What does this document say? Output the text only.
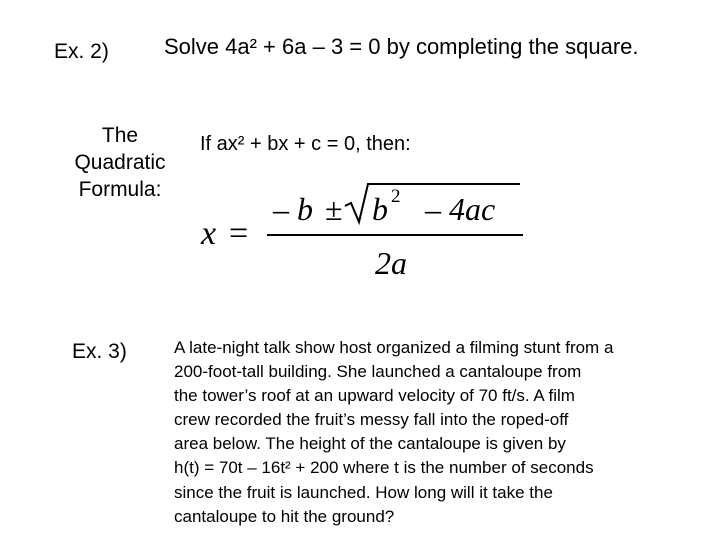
Ex. 2)	Solve 4a² + 6a – 3 = 0 by completing the square.
The
Quadratic
Formula:
If ax² + bx + c = 0, then:
x =
– b ± b 2 – 4ac
2a
Ex. 3)	A late-night talk show host organized a filming stunt from a
200-foot-tall building. She launched a cantaloupe from
the tower’s roof at an upward velocity of 70 ft/s. A film
crew recorded the fruit’s messy fall into the roped-off
area below. The height of the cantaloupe is given by
h(t) = 70t – 16t² + 200 where t is the number of seconds
since the fruit is launched. How long will it take the
cantaloupe to hit the ground?
